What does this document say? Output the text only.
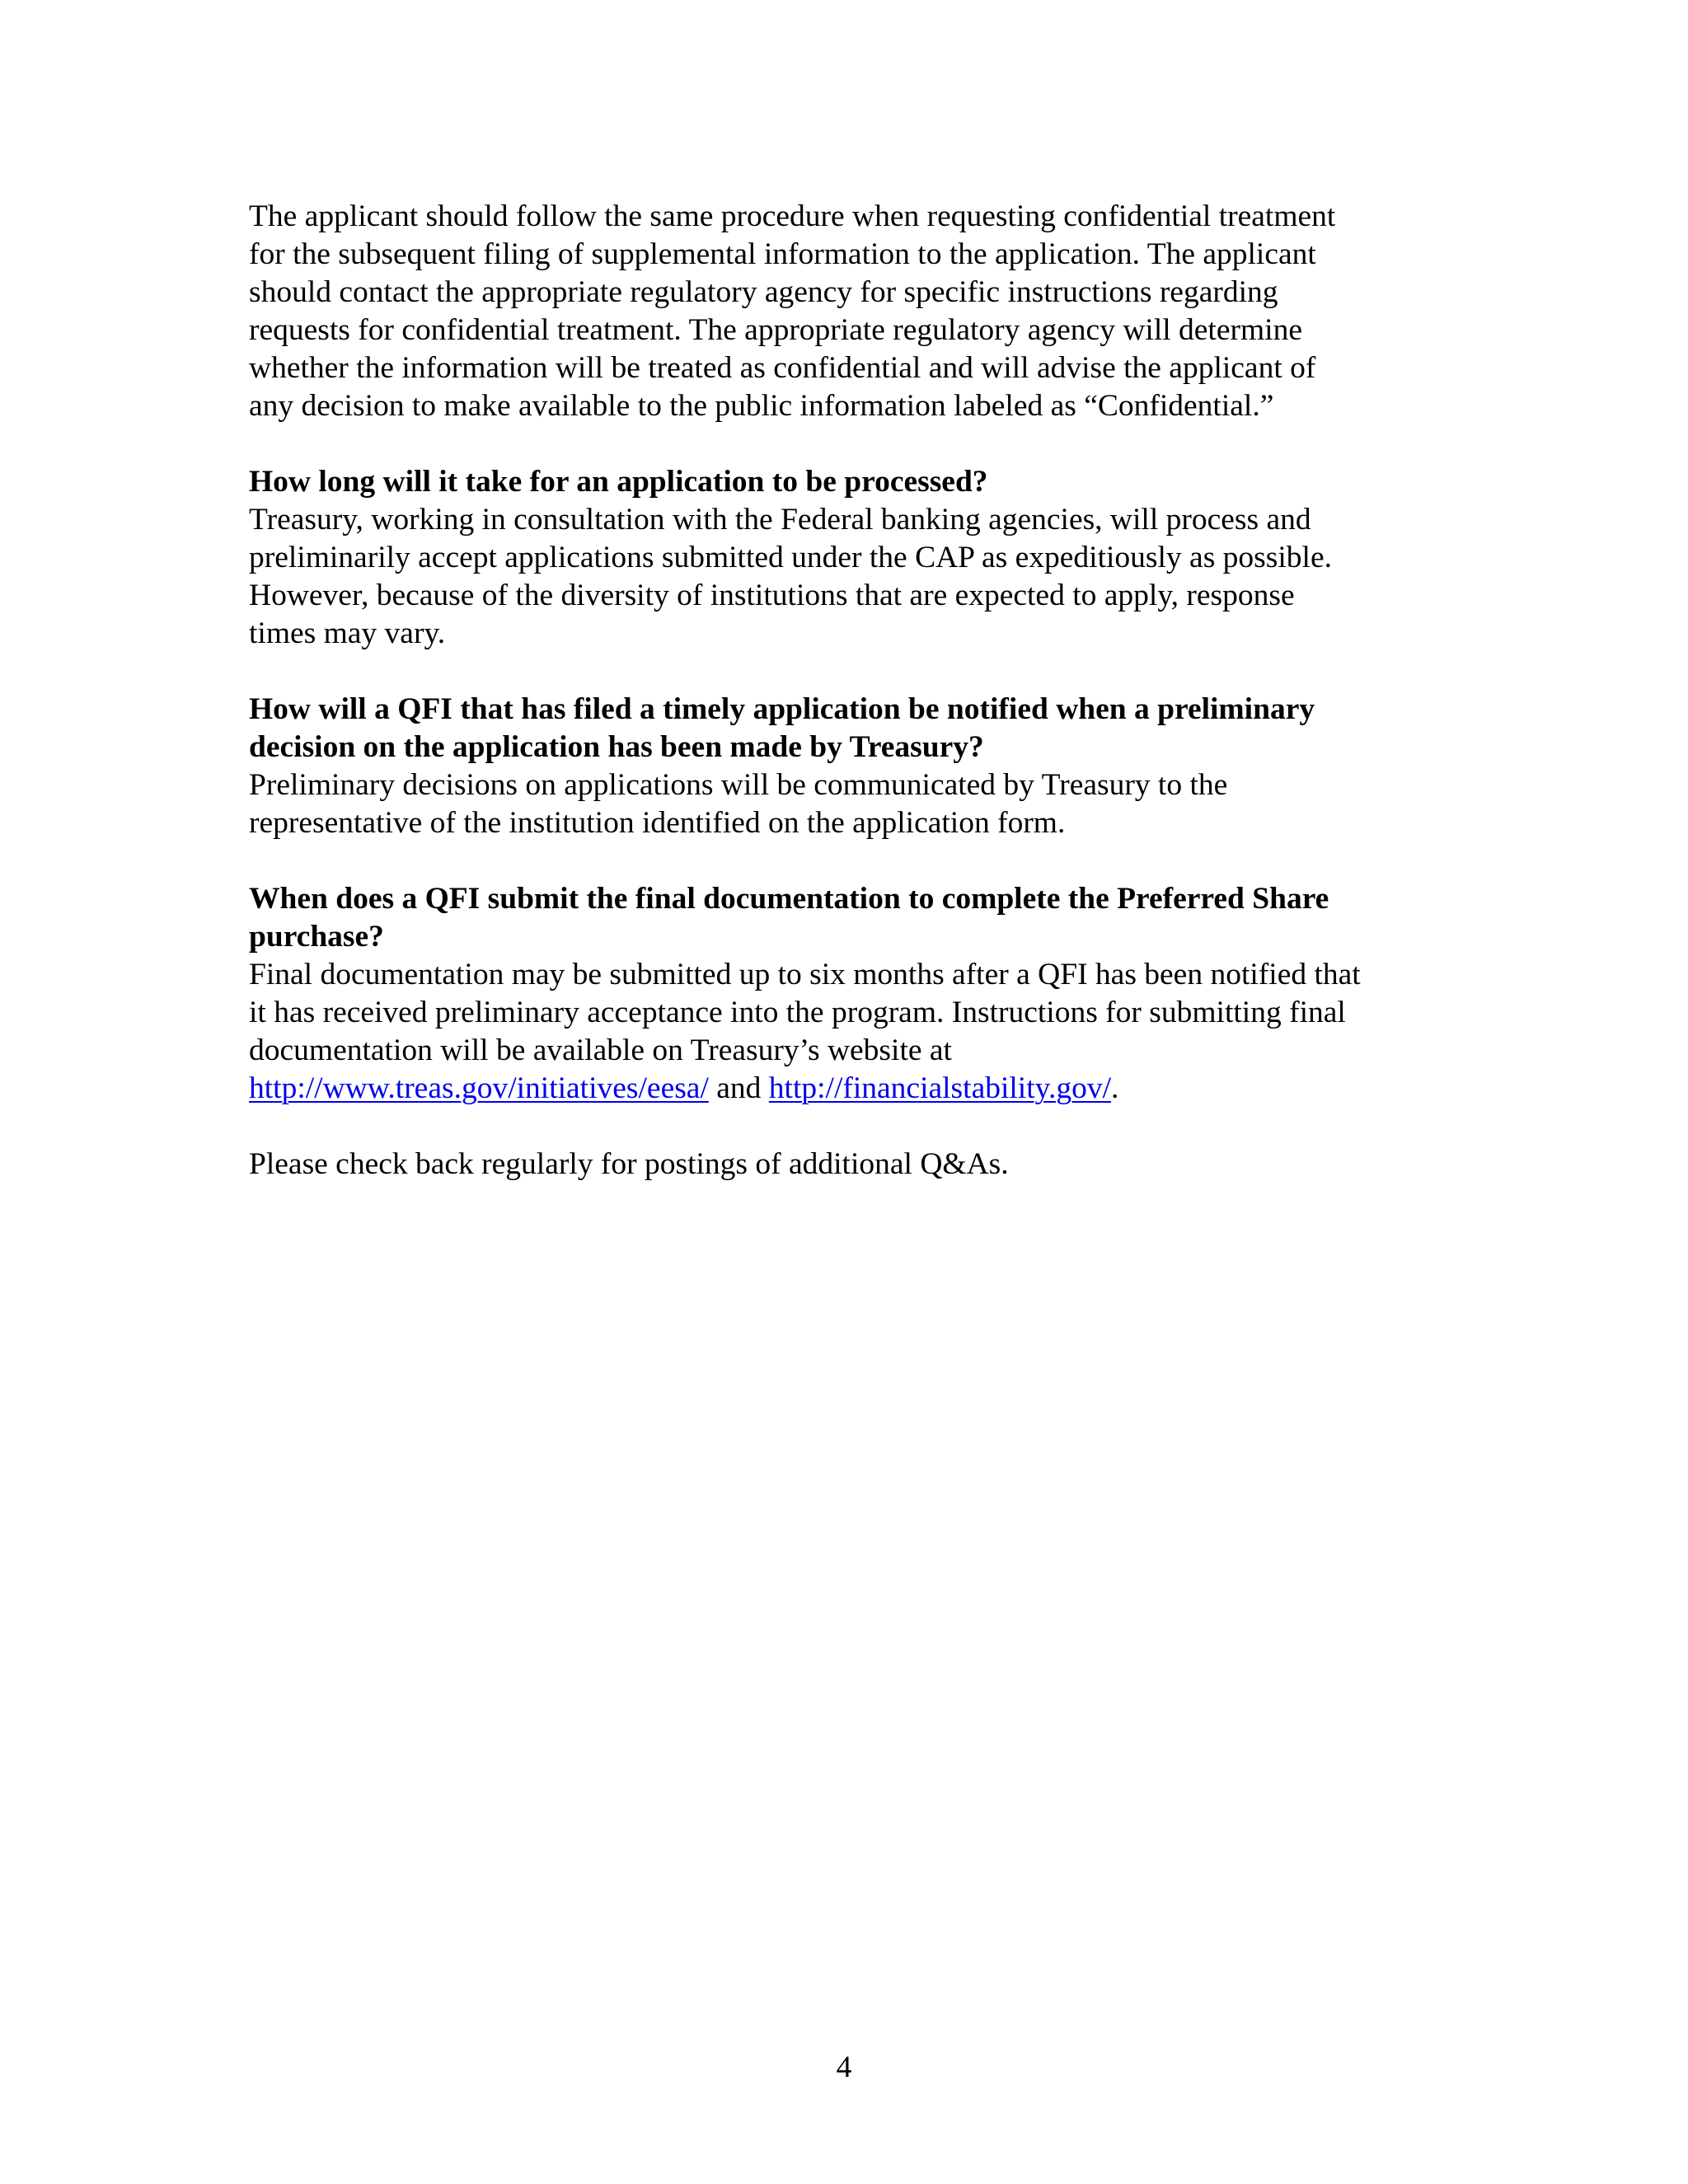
The applicant should follow the same procedure when requesting confidential treatment
for the subsequent filing of supplemental information to the application. The applicant
should contact the appropriate regulatory agency for specific instructions regarding
requests for confidential treatment. The appropriate regulatory agency will determine
whether the information will be treated as confidential and will advise the applicant of
any decision to make available to the public information labeled as “Confidential.”

How long will it take for an application to be processed?
Treasury, working in consultation with the Federal banking agencies, will process and
preliminarily accept applications submitted under the CAP as expeditiously as possible.
However, because of the diversity of institutions that are expected to apply, response
times may vary.
How will a QFI that has filed a timely application be notified when a preliminary
decision on the application has been made by Treasury?
Preliminary decisions on applications will be communicated by Treasury to the
representative of the institution identified on the application form.
When does a QFI submit the final documentation to complete the Preferred Share
purchase?
Final documentation may be submitted up to six months after a QFI has been notified that
it has received preliminary acceptance into the program. Instructions for submitting final
documentation will be available on Treasury’s website at
http://www.treas.gov/initiatives/eesa/ and http://financialstability.gov/.

Please check back regularly for postings of additional Q&As.

4
